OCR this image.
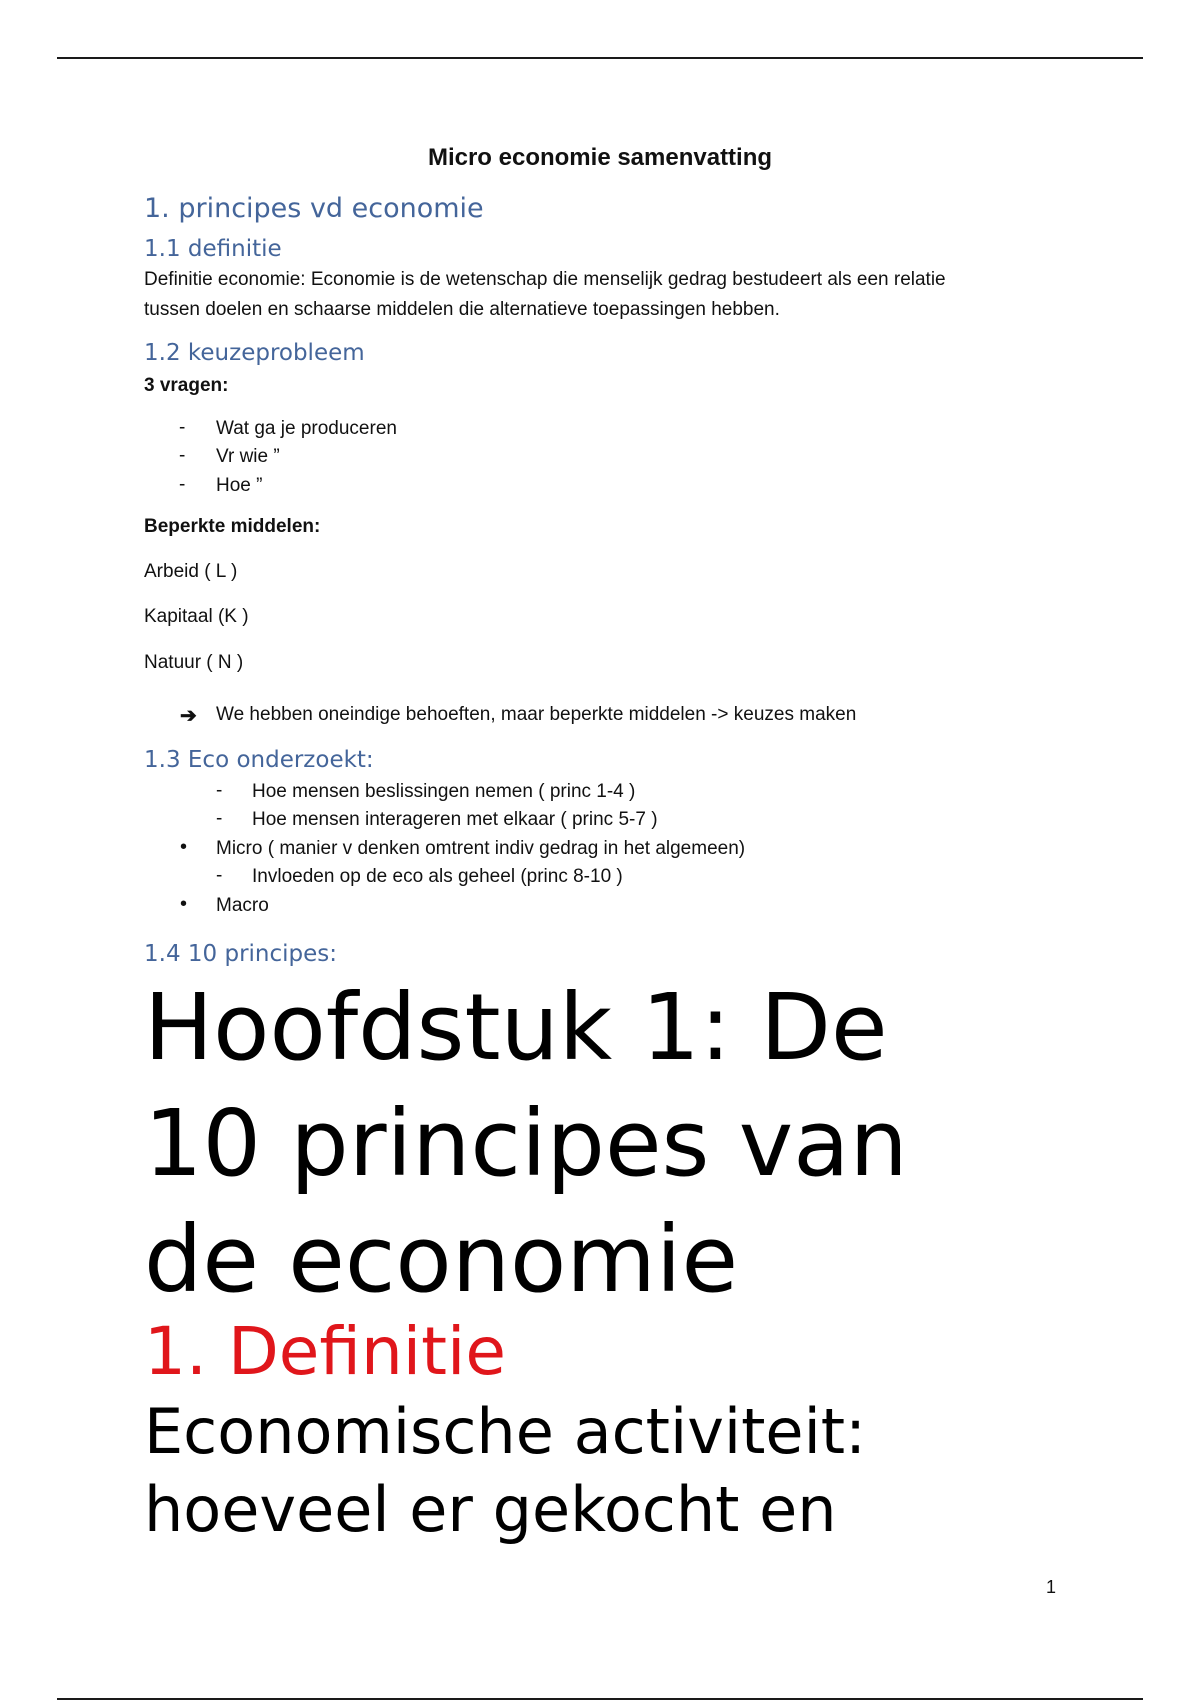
Micro economie samenvatting
1. principes vd economie
1.1 definitie
Definitie economie: Economie is de wetenschap die menselijk gedrag bestudeert als een relatie
tussen doelen en schaarse middelen die alternatieve toepassingen hebben.
1.2 keuzeprobleem
3 vragen:
- Wat ga je produceren
- Vr wie ”
- Hoe ”
Beperkte middelen:
Arbeid ( L )
Kapitaal (K )
Natuur ( N )
➔ We hebben oneindige behoeften, maar beperkte middelen -> keuzes maken
1.3 Eco onderzoekt:
- Hoe mensen beslissingen nemen ( princ 1-4 )
- Hoe mensen interageren met elkaar ( princ 5-7 )
• Micro ( manier v denken omtrent indiv gedrag in het algemeen)
- Invloeden op de eco als geheel (princ 8-10 )
• Macro
1.4 10 principes:
Hoofdstuk 1: De
10 principes van
de economie
1. Definitie
Economische activiteit:
hoeveel er gekocht en
1
